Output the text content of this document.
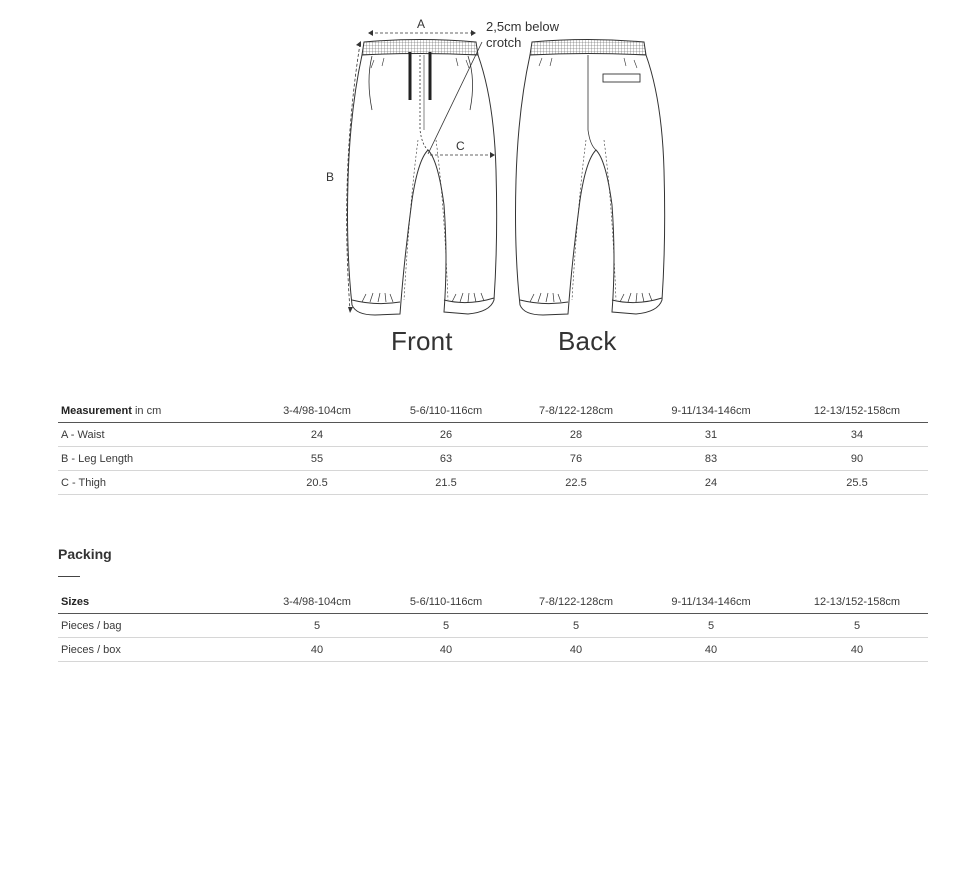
A
B
C
2,5cm below
crotch
Front	Back
Measurement in cm	3-4/98-104cm	5-6/110-116cm	7-8/122-128cm	9-11/134-146cm	12-13/152-158cm
A - Waist	24	26	28	31	34
B - Leg Length	55	63	76	83	90
C - Thigh	20.5	21.5	22.5	24	25.5
Packing
Sizes	3-4/98-104cm	5-6/110-116cm	7-8/122-128cm	9-11/134-146cm	12-13/152-158cm
Pieces / bag	5	5	5	5	5
Pieces / box	40	40	40	40	40
